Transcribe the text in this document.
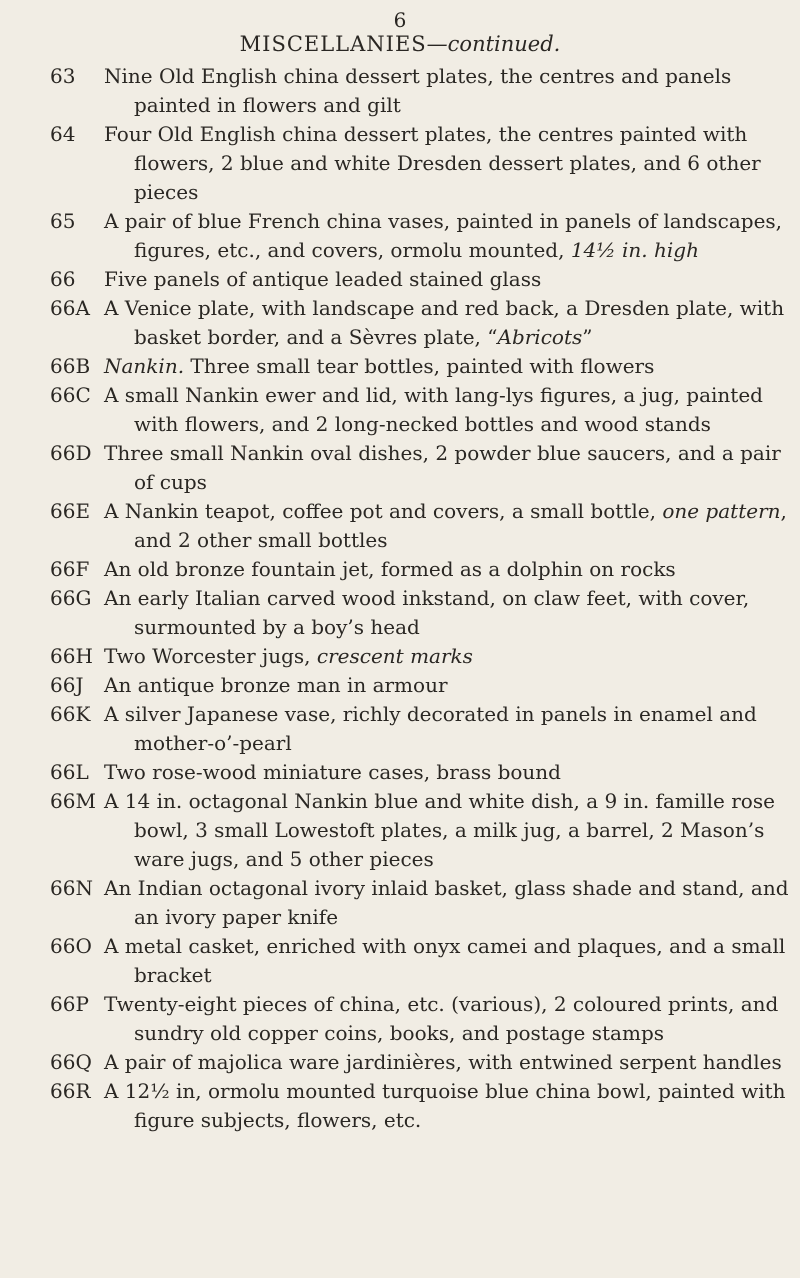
6
MISCELLANIES—continued.
63 Nine Old English china dessert plates, the centres and panels painted in flowers and gilt
64 Four Old English china dessert plates, the centres painted with flowers, 2 blue and white Dresden dessert plates, and 6 other pieces
65 A pair of blue French china vases, painted in panels of landscapes, figures, etc., and covers, ormolu mounted, 14½ in. high
66 Five panels of antique leaded stained glass
66A A Venice plate, with landscape and red back, a Dresden plate, with basket border, and a Sèvres plate, “Abricots”
66B Nankin. Three small tear bottles, painted with flowers
66C A small Nankin ewer and lid, with lang-lys figures, a jug, painted with flowers, and 2 long-necked bottles and wood stands
66D Three small Nankin oval dishes, 2 powder blue saucers, and a pair of cups
66E A Nankin teapot, coffee pot and covers, a small bottle, one pattern, and 2 other small bottles
66F An old bronze fountain jet, formed as a dolphin on rocks
66G An early Italian carved wood inkstand, on claw feet, with cover, surmounted by a boy’s head
66H Two Worcester jugs, crescent marks
66J An antique bronze man in armour
66K A silver Japanese vase, richly decorated in panels in enamel and mother-o’-pearl
66L Two rose-wood miniature cases, brass bound
66M A 14 in. octagonal Nankin blue and white dish, a 9 in. famille rose bowl, 3 small Lowestoft plates, a milk jug, a barrel, 2 Mason’s ware jugs, and 5 other pieces
66N An Indian octagonal ivory inlaid basket, glass shade and stand, and an ivory paper knife
66O A metal casket, enriched with onyx camei and plaques, and a small bracket
66P Twenty-eight pieces of china, etc. (various), 2 coloured prints, and sundry old copper coins, books, and postage stamps
66Q A pair of majolica ware jardinières, with entwined serpent handles
66R A 12½ in, ormolu mounted turquoise blue china bowl, painted with figure subjects, flowers, etc.
